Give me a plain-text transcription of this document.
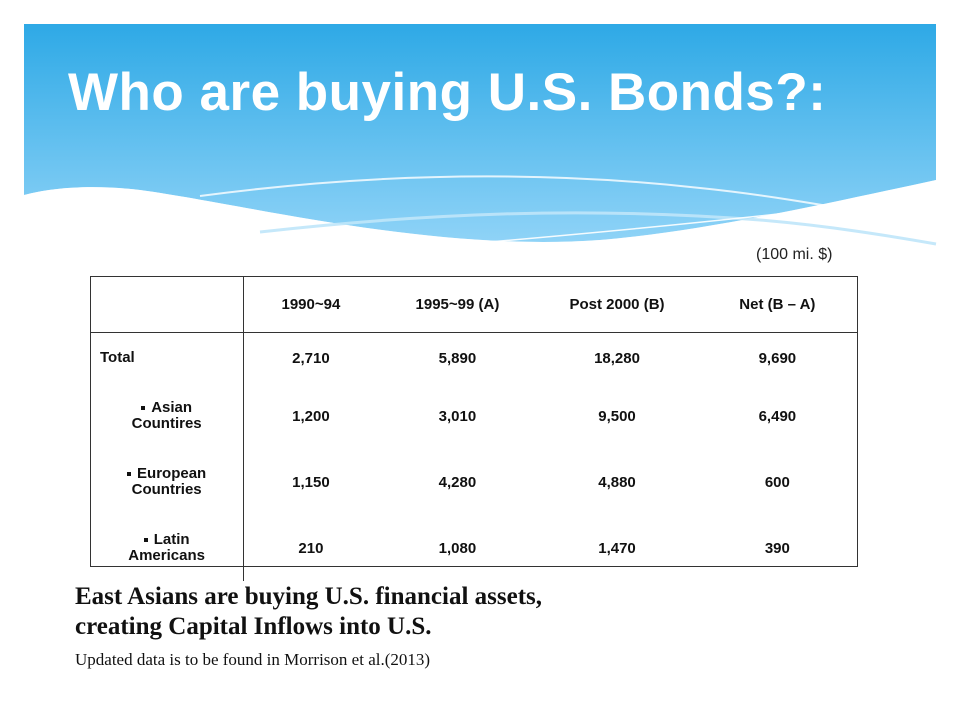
Who are buying U.S. Bonds?:
(100 mi. $)
	1990~94	1995~99 (A)	Post 2000 (B)	Net (B – A)
Total	2,710	5,890	18,280	9,690

Asian
Countires	1,200	3,010	9,500	6,490

European
Countries	1,150	4,280	4,880	600

Latin
Americans	210	1,080	1,470	390

East Asians are buying U.S. financial assets,
creating Capital Inflows into U.S.

Updated data is to be found in Morrison et al.(2013)
